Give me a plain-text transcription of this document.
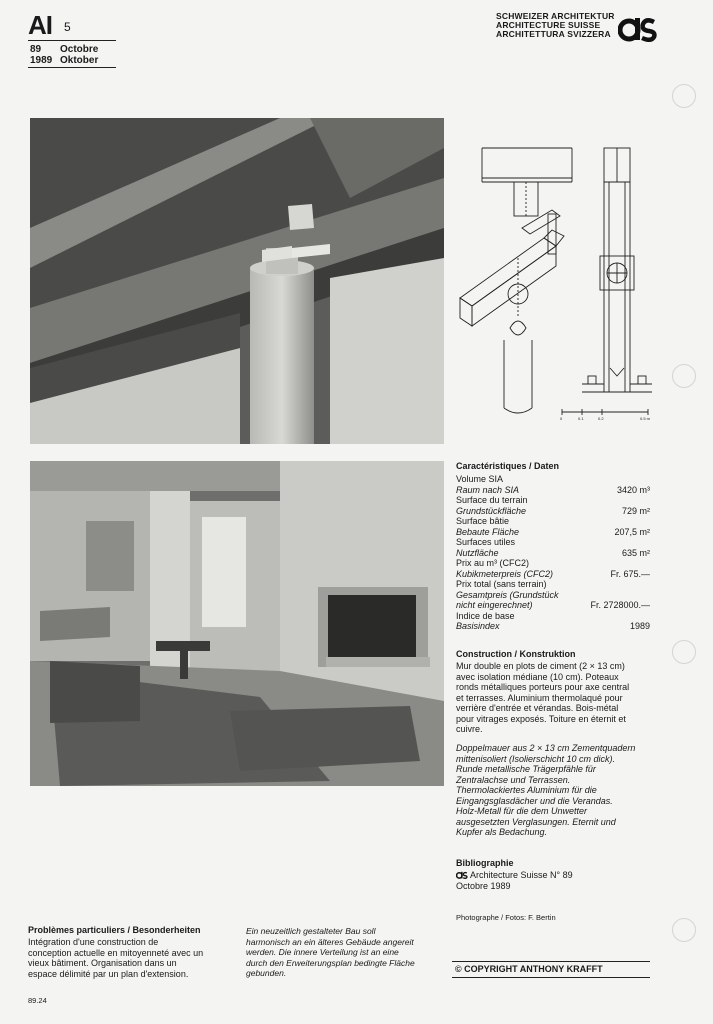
AI 5
89 Octobre
1989 Oktober
SCHWEIZER ARCHITEKTUR
ARCHITECTURE SUISSE
ARCHITETTURA SVIZZERA
0	0.1	0.2	0.5 m
Caractéristiques / Daten
Volume SIA
Raum nach SIA	3420 m³
Surface du terrain
Grundstückfläche	729 m²
Surface bâtie
Bebaute Fläche	207,5 m²
Surfaces utiles
Nutzfläche	635 m²
Prix au m³ (CFC2)
Kubikmeterpreis (CFC2)	Fr. 675.—
Prix total (sans terrain)
Gesamtpreis (Grundstück
nicht eingerechnet)	Fr. 2728000.—
Indice de base
Basisindex	1989
Construction / Konstruktion
Mur double en plots de ciment (2 × 13 cm)
avec isolation médiane (10 cm). Poteaux
ronds métalliques porteurs pour axe central
et terrasses. Aluminium thermolaqué pour
verrière d'entrée et vérandas. Bois-métal
pour vitrages exposés. Toiture en éternit et
cuivre.
Doppelmauer aus 2 × 13 cm Zementquadern
mittenisoliert (Isolierschicht 10 cm dick).
Runde metallische Trägerpfähle für
Zentralachse und Terrassen.
Thermolackiertes Aluminium für die
Eingangsglasdächer und die Verandas.
Holz-Metall für die dem Unwetter
ausgesetzten Verglasungen. Eternit und
Kupfer als Bedachung.
Bibliographie
Architecture Suisse N° 89
Octobre 1989
Photographe / Fotos: F. Bertin
© COPYRIGHT ANTHONY KRAFFT
Problèmes particuliers / Besonderheiten
Intégration d'une construction de
conception actuelle en mitoyenneté avec un
vieux bâtiment. Organisation dans un
espace délimité par un plan d'extension.
Ein neuzeitlich gestalteter Bau soll
harmonisch an ein älteres Gebäude angereit
werden. Die innere Verteilung ist an eine
durch den Erweiterungsplan bedingte Fläche
gebunden.
89.24
